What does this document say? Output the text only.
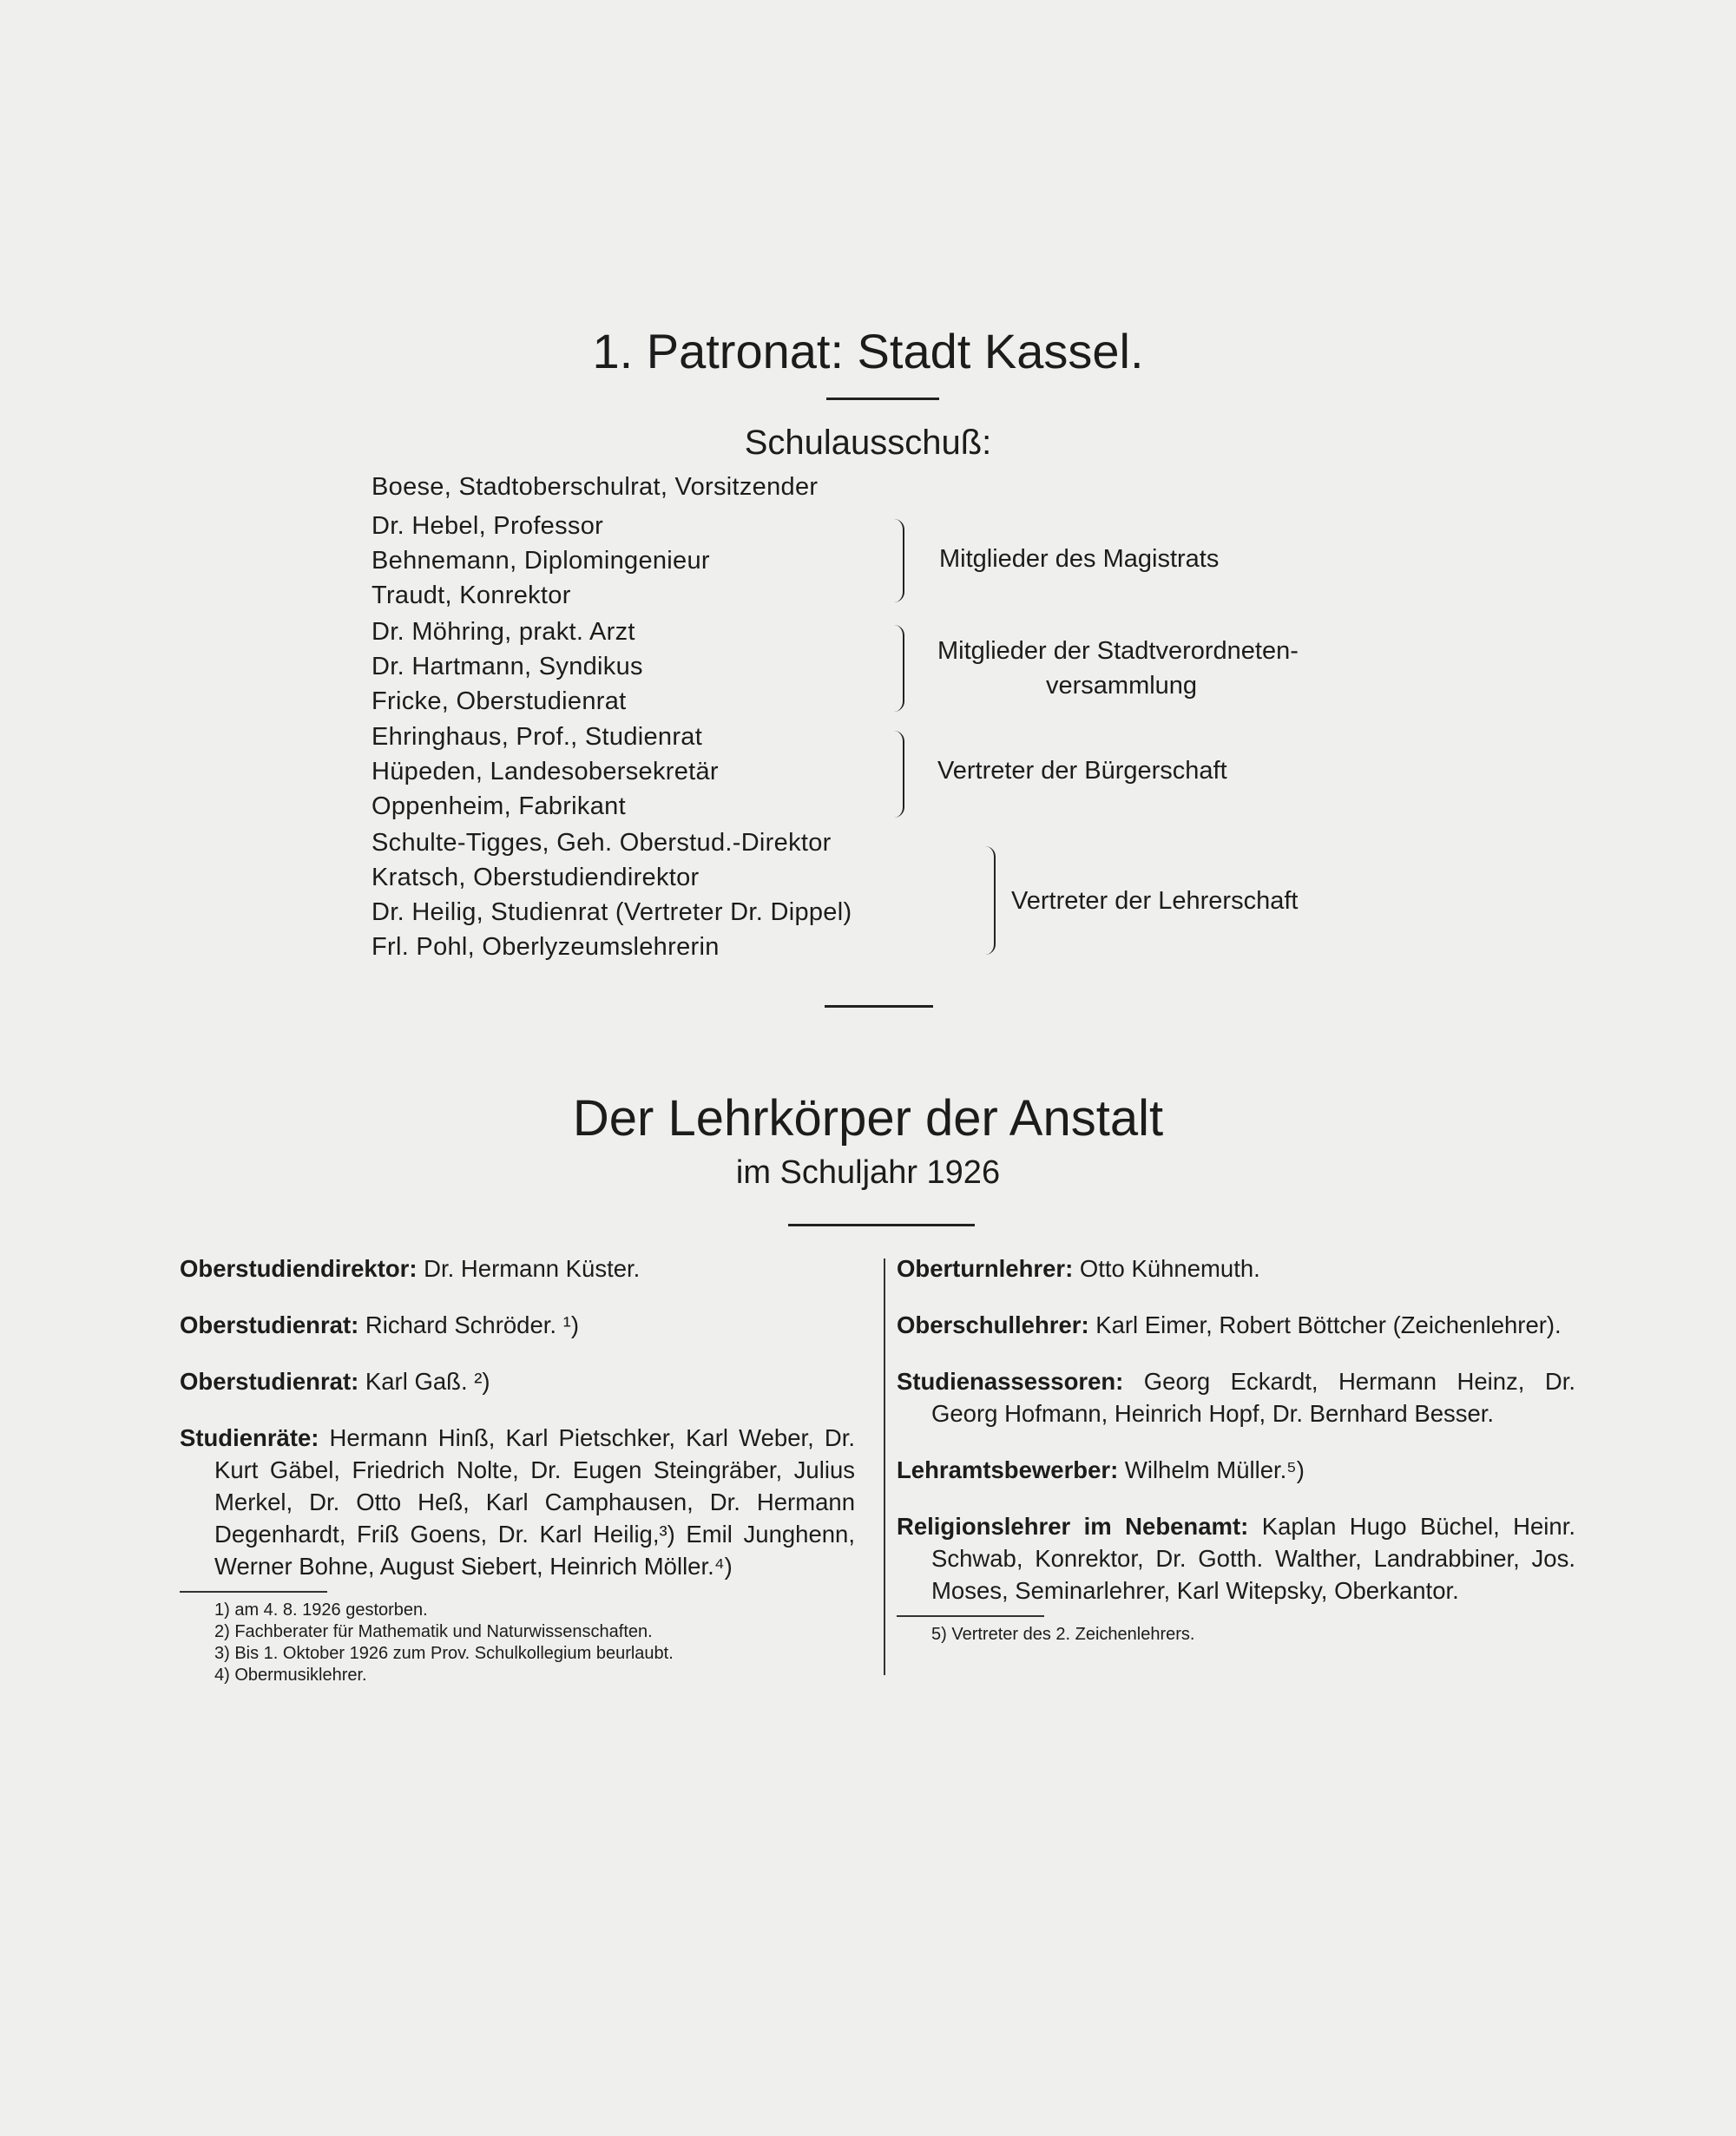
1. Patronat: Stadt Kassel.
Schulausschuß:
Boese, Stadtoberschulrat, Vorsitzender
Dr. Hebel, Professor
Behnemann, Diplomingenieur
Traudt, Konrektor
Mitglieder des Magistrats
Dr. Möhring, prakt. Arzt
Dr. Hartmann, Syndikus
Fricke, Oberstudienrat
Mitglieder der Stadtverordneten-
versammlung
Ehringhaus, Prof., Studienrat
Hüpeden, Landesobersekretär
Oppenheim, Fabrikant
Vertreter der Bürgerschaft
Schulte-Tigges, Geh. Oberstud.-Direktor
Kratsch, Oberstudiendirektor
Dr. Heilig, Studienrat (Vertreter Dr. Dippel)
Frl. Pohl, Oberlyzeumslehrerin
Vertreter der Lehrerschaft
Der Lehrkörper der Anstalt
im Schuljahr 1926
Oberstudiendirektor: Dr. Hermann Küster.
Oberstudienrat: Richard Schröder. ¹)
Oberstudienrat: Karl Gaß. ²)
Studienräte: Hermann Hinß, Karl Pietschker, Karl Weber, Dr. Kurt Gäbel, Friedrich Nolte, Dr. Eugen Steingräber, Julius Merkel, Dr. Otto Heß, Karl Camphausen, Dr. Hermann Degenhardt, Friß Goens, Dr. Karl Heilig,³) Emil Junghenn, Werner Bohne, August Siebert, Heinrich Möller.⁴)
1) am 4. 8. 1926 gestorben.
2) Fachberater für Mathematik und Naturwissenschaften.
3) Bis 1. Oktober 1926 zum Prov. Schulkollegium beurlaubt.
4) Obermusiklehrer.
Oberturnlehrer: Otto Kühnemuth.
Oberschullehrer: Karl Eimer, Robert Böttcher (Zeichenlehrer).
Studienassessoren: Georg Eckardt, Hermann Heinz, Dr. Georg Hofmann, Heinrich Hopf, Dr. Bernhard Besser.
Lehramtsbewerber: Wilhelm Müller.⁵)
Religionslehrer im Nebenamt: Kaplan Hugo Büchel, Heinr. Schwab, Konrektor, Dr. Gotth. Walther, Landrabbiner, Jos. Moses, Seminarlehrer, Karl Witepsky, Oberkantor.
5) Vertreter des 2. Zeichenlehrers.
